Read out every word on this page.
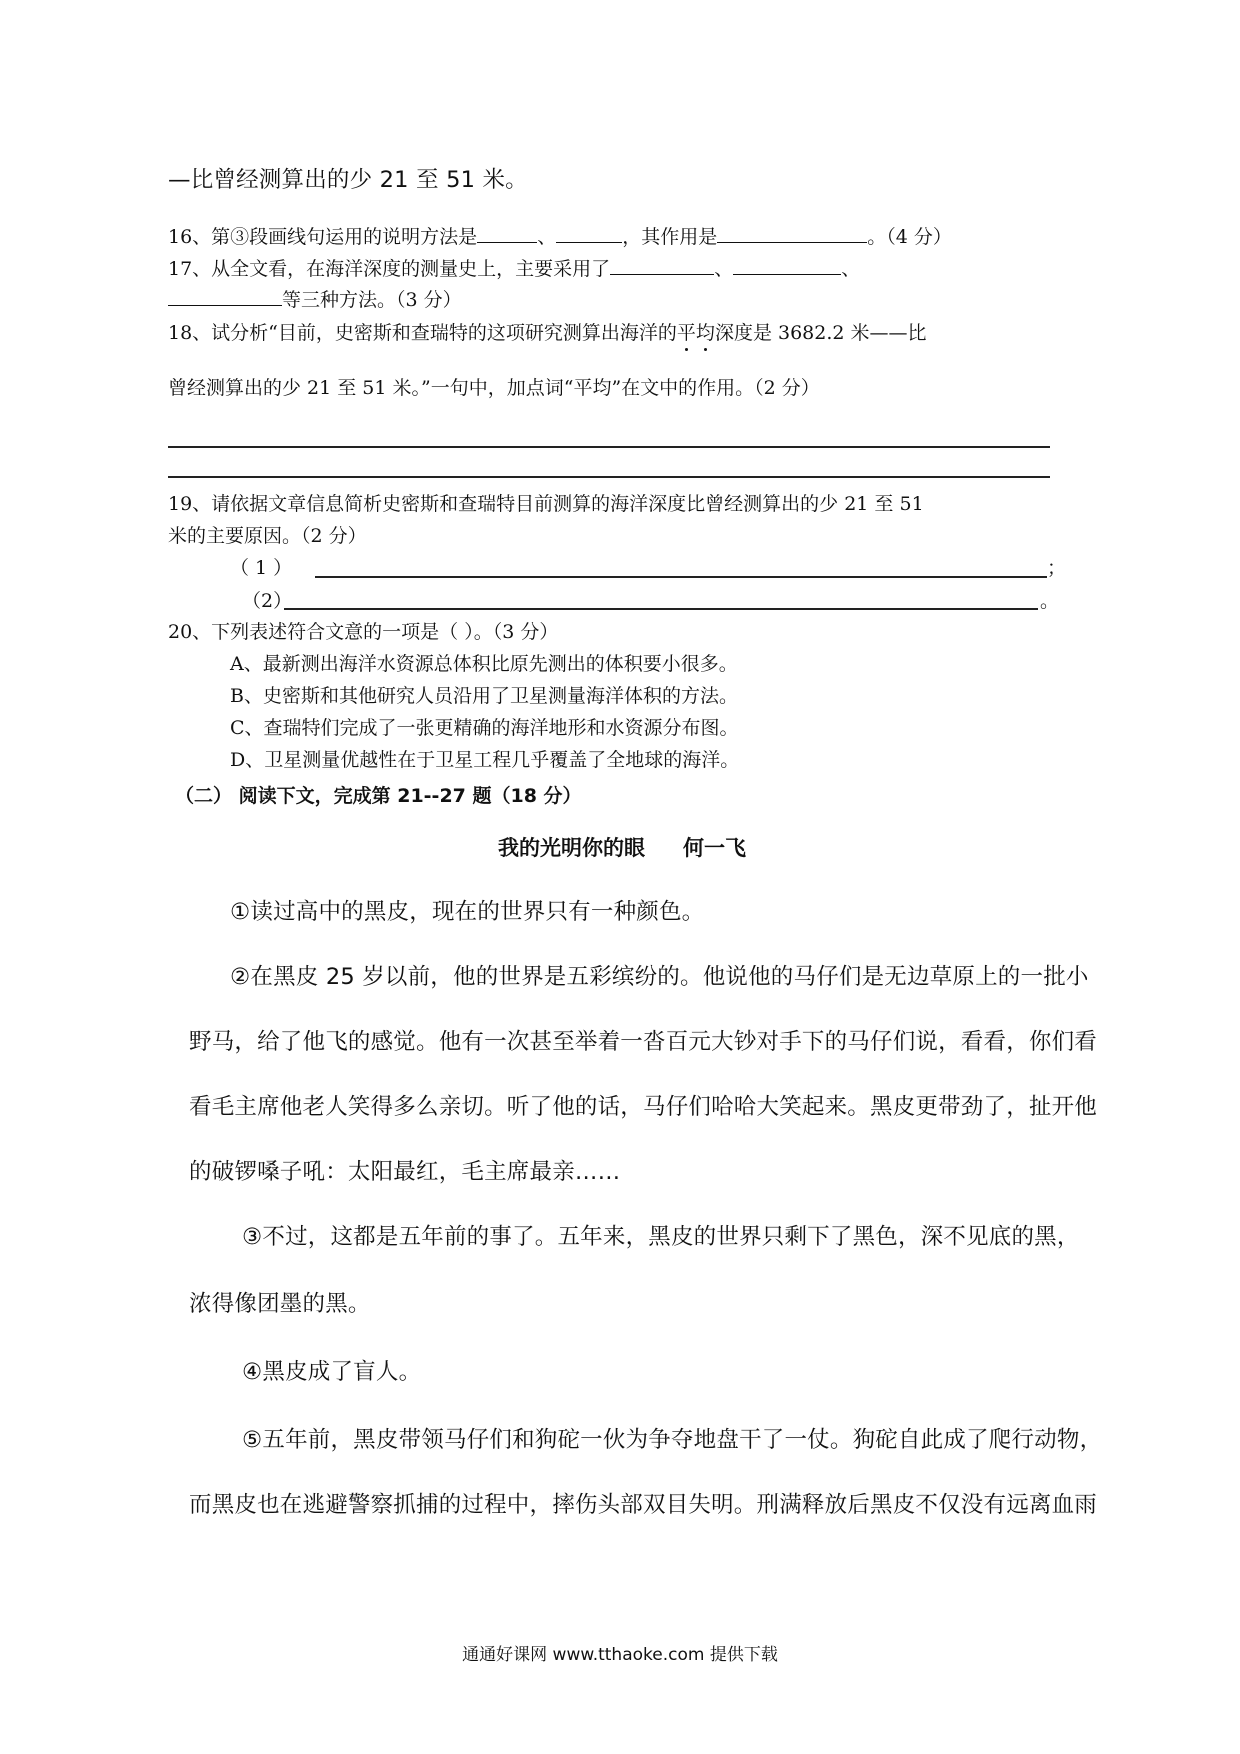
—比曾经测算出的少 21 至 51 米。
16、第③段画线句运用的说明方法是	、	，其作用是	。（4 分）
17、从全文看，在海洋深度的测量史上，主要采用了	、	、
等三种方法。（3 分）
18、试分析“目前，史密斯和查瑞特的这项研究测算出海洋的平均深度是 3682.2 米——比
曾经测算出的少 21 至 51 米。”一句中，加点词“平均”在文中的作用。（2 分）
19、请依据文章信息简析史密斯和查瑞特目前测算的海洋深度比曾经测算出的少 21 至 51
米的主要原因。（2 分）
（ 1 ）	；
（2）	。
20、下列表述符合文意的一项是（ ）。（3 分）
A、最新测出海洋水资源总体积比原先测出的体积要小很多。
B、史密斯和其他研究人员沿用了卫星测量海洋体积的方法。
C、查瑞特们完成了一张更精确的海洋地形和水资源分布图。
D、卫星测量优越性在于卫星工程几乎覆盖了全地球的海洋。
（二） 阅读下文，完成第 21--27 题（18 分）
我的光明你的眼 何一飞
①读过高中的黑皮，现在的世界只有一种颜色。
②在黑皮 25 岁以前，他的世界是五彩缤纷的。他说他的马仔们是无边草原上的一批小
野马，给了他飞的感觉。他有一次甚至举着一沓百元大钞对手下的马仔们说，看看，你们看
看毛主席他老人笑得多么亲切。听了他的话，马仔们哈哈大笑起来。黑皮更带劲了，扯开他
的破锣嗓子吼：太阳最红，毛主席最亲……
③不过，这都是五年前的事了。五年来，黑皮的世界只剩下了黑色，深不见底的黑，
浓得像团墨的黑。
④黑皮成了盲人。
⑤五年前，黑皮带领马仔们和狗砣一伙为争夺地盘干了一仗。狗砣自此成了爬行动物，
而黑皮也在逃避警察抓捕的过程中，摔伤头部双目失明。刑满释放后黑皮不仅没有远离血雨
通通好课网 www.tthaoke.com 提供下载
